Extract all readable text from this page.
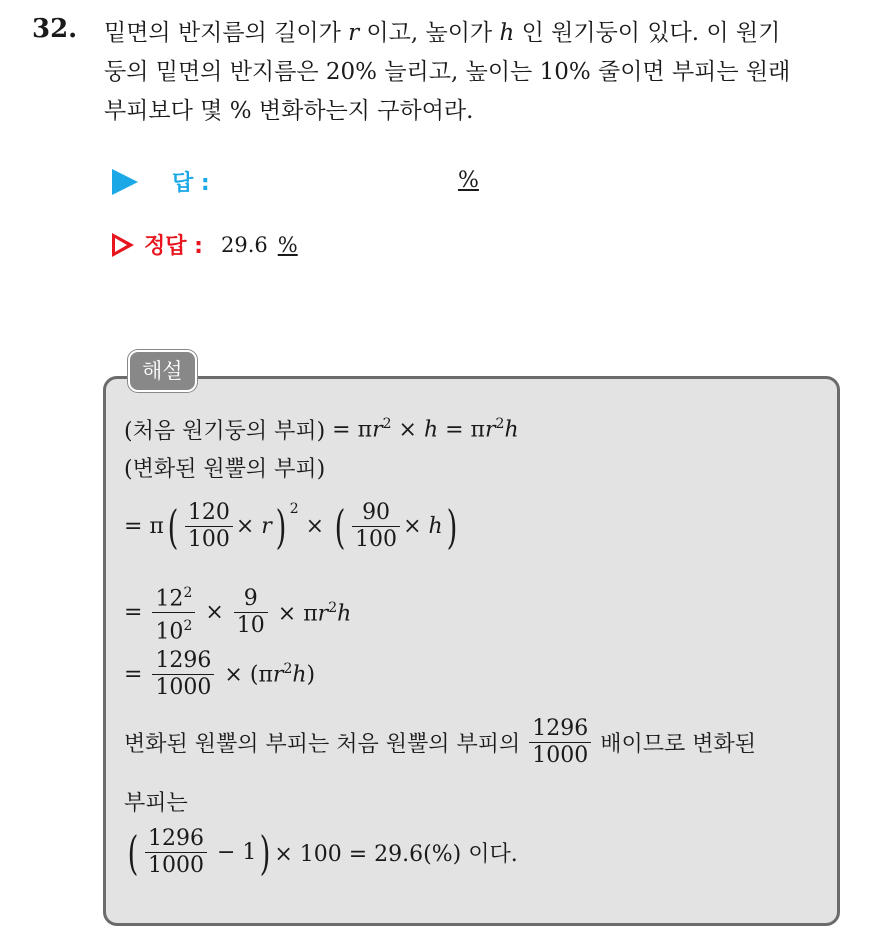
32. 밑면의 반지름의 길이가 r 이고, 높이가 h 인 원기둥이 있다. 이 원기
둥의 밑면의 반지름은 20% 늘리고, 높이는 10% 줄이면 부피는 원래
부피보다 몇 % 변화하는지 구하여라.
답 :	%
정답 : 29.6 %
해설
(처음 원기둥의 부피) = $\pi r^2 \times h = \pi r^2h$
(변화된 원뿔의 부피)
= π ( $\frac{120}{100} \times r$ ) $^2$
× ( $\frac{90}{100} \times h$ )
= $\frac{12^2}{10^2} \times \frac{9}{10} \times \pi r^2h$
= $\frac{1296}{1000} \times (\pi r^2h)$
변화된 원뿔의 부피는 처음 원뿔의 부피의 $\frac{1296}{1000}$ 배이므로 변화된
부피는
( $\frac{1296}{1000} - 1$ ) × 100 = 29.6(%) 이다.
